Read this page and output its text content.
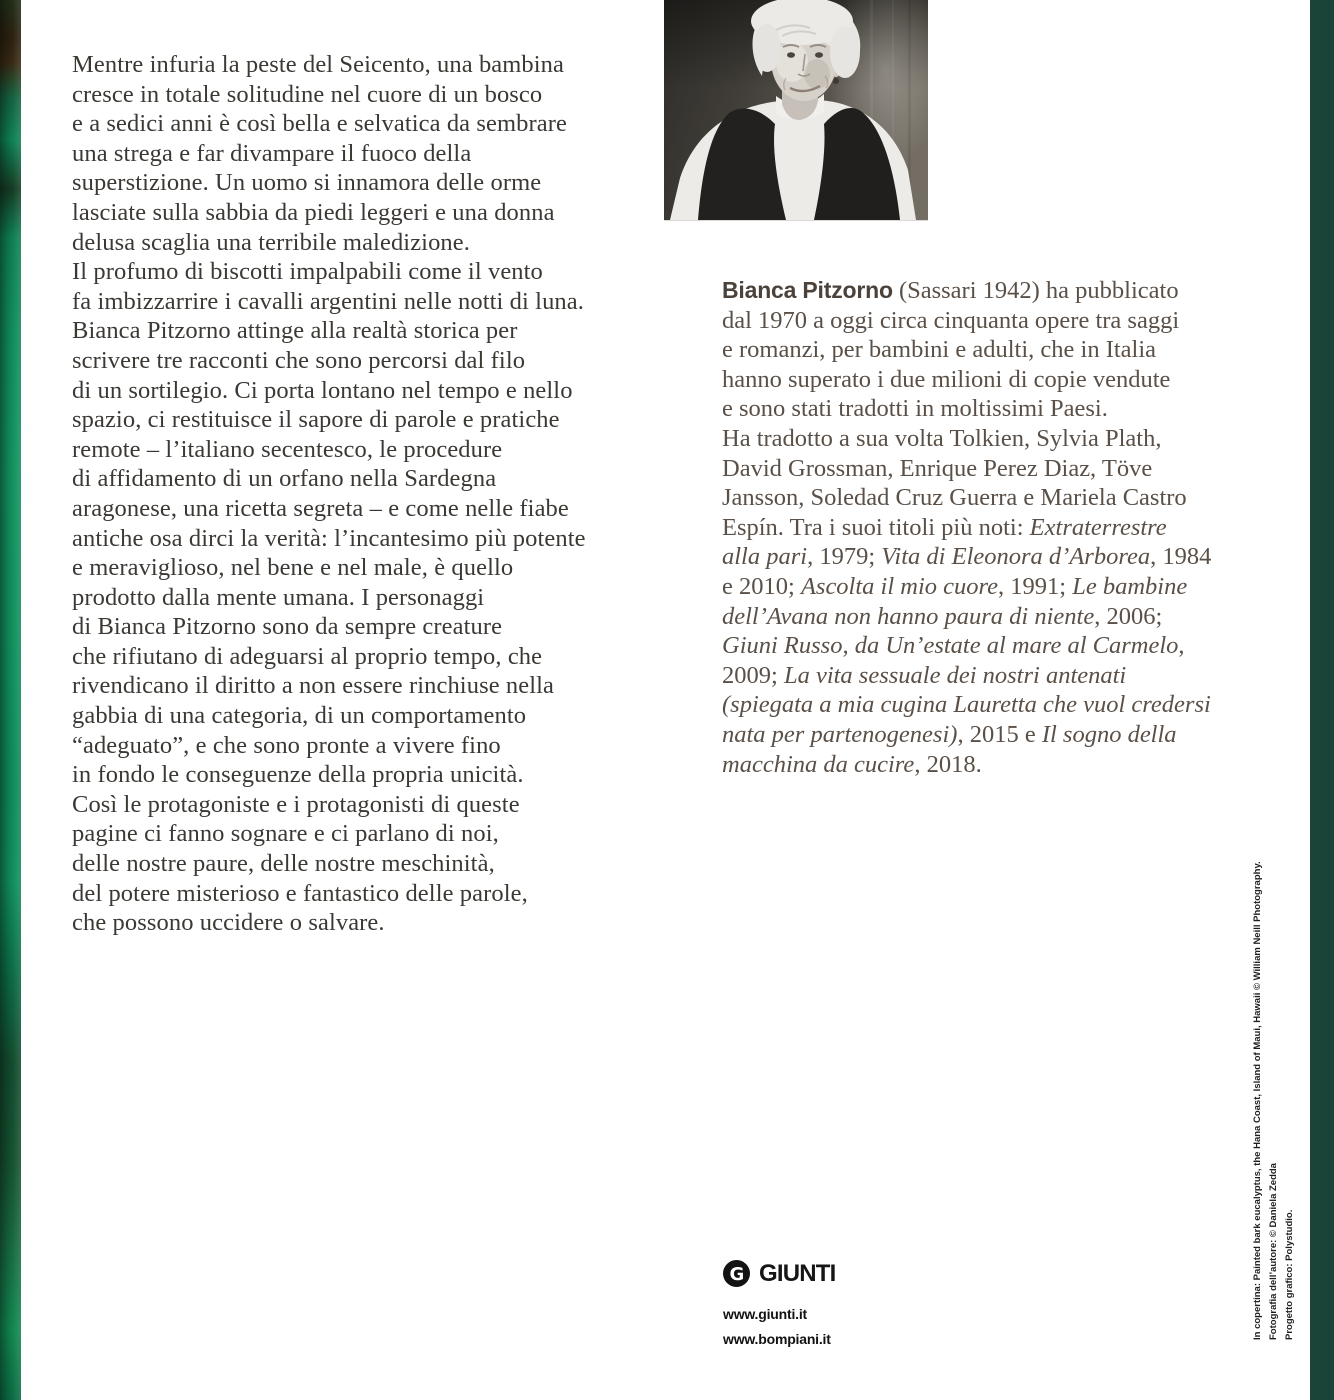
Mentre infuria la peste del Seicento, una bambina
cresce in totale solitudine nel cuore di un bosco
e a sedici anni è così bella e selvatica da sembrare
una strega e far divampare il fuoco della
superstizione. Un uomo si innamora delle orme
lasciate sulla sabbia da piedi leggeri e una donna
delusa scaglia una terribile maledizione.
Il profumo di biscotti impalpabili come il vento
fa imbizzarrire i cavalli argentini nelle notti di luna.
Bianca Pitzorno attinge alla realtà storica per
scrivere tre racconti che sono percorsi dal filo
di un sortilegio. Ci porta lontano nel tempo e nello
spazio, ci restituisce il sapore di parole e pratiche
remote – l’italiano secentesco, le procedure
di affidamento di un orfano nella Sardegna
aragonese, una ricetta segreta – e come nelle fiabe
antiche osa dirci la verità: l’incantesimo più potente
e meraviglioso, nel bene e nel male, è quello
prodotto dalla mente umana. I personaggi
di Bianca Pitzorno sono da sempre creature
che rifiutano di adeguarsi al proprio tempo, che
rivendicano il diritto a non essere rinchiuse nella
gabbia di una categoria, di un comportamento
“adeguato”, e che sono pronte a vivere fino
in fondo le conseguenze della propria unicità.
Così le protagoniste e i protagonisti di queste
pagine ci fanno sognare e ci parlano di noi,
delle nostre paure, delle nostre meschinità,
del potere misterioso e fantastico delle parole,
che possono uccidere o salvare.
Bianca Pitzorno (Sassari 1942) ha pubblicato
dal 1970 a oggi circa cinquanta opere tra saggi
e romanzi, per bambini e adulti, che in Italia
hanno superato i due milioni di copie vendute
e sono stati tradotti in moltissimi Paesi.
Ha tradotto a sua volta Tolkien, Sylvia Plath,
David Grossman, Enrique Perez Diaz, Töve
Jansson, Soledad Cruz Guerra e Mariela Castro
Espín. Tra i suoi titoli più noti: Extraterrestre
alla pari, 1979; Vita di Eleonora d’Arborea, 1984
e 2010; Ascolta il mio cuore, 1991; Le bambine
dell’Avana non hanno paura di niente, 2006;
Giuni Russo, da Un’estate al mare al Carmelo,
2009; La vita sessuale dei nostri antenati
(spiegata a mia cugina Lauretta che vuol credersi
nata per partenogenesi), 2015 e Il sogno della
macchina da cucire, 2018.
G GIUNTI
www.giunti.it
www.bompiani.it	In copertina: Painted bark eucalyptus, the Hana Coast, Island of Maui, Hawaii © William Neill Photography. Fotografia dell’autore: © Daniela Zedda Progetto grafico: Polystudio.
